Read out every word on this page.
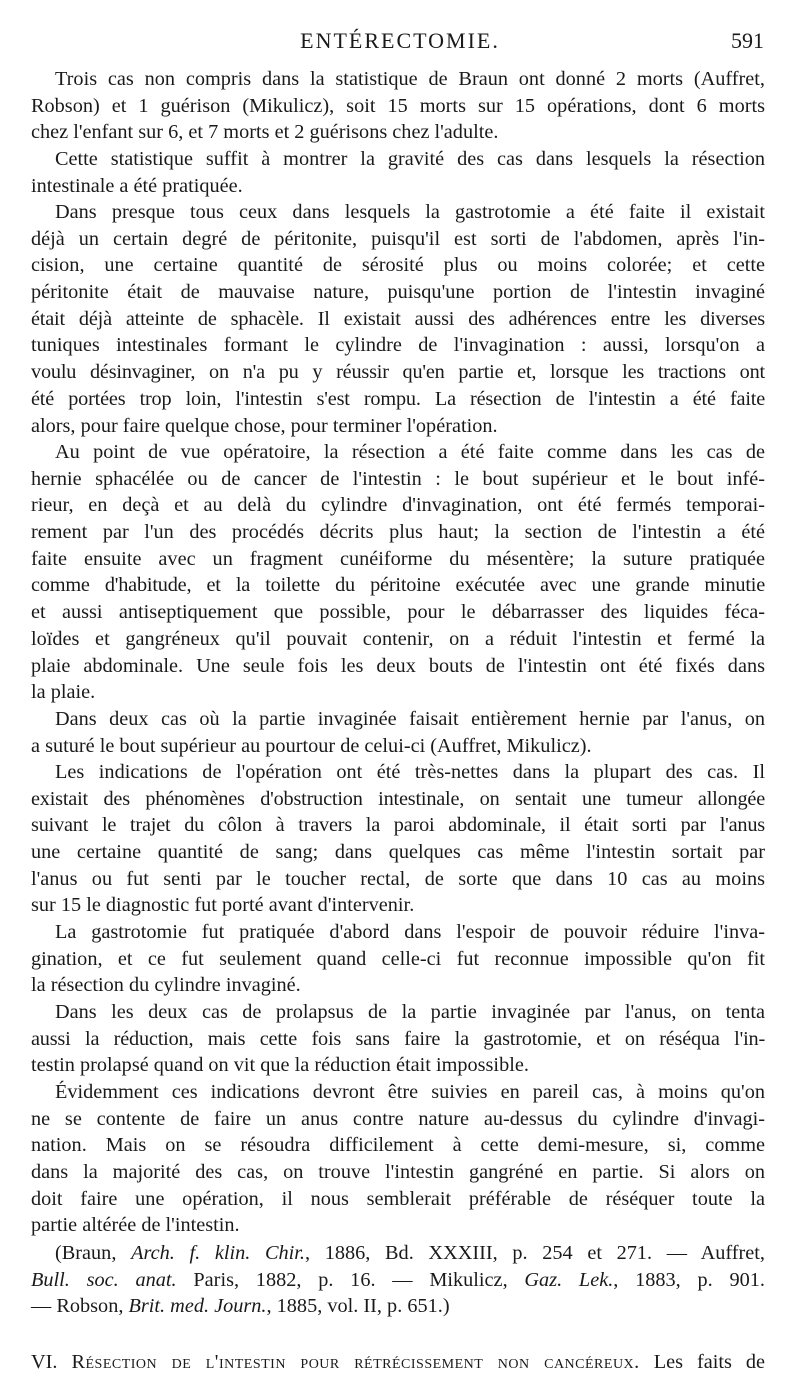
ENTÉRECTOMIE.	591
Trois cas non compris dans la statistique de Braun ont donné 2 morts (Auffret,
Robson) et 1 guérison (Mikulicz), soit 15 morts sur 15 opérations, dont 6 morts
chez l'enfant sur 6, et 7 morts et 2 guérisons chez l'adulte.
Cette statistique suffit à montrer la gravité des cas dans lesquels la résection
intestinale a été pratiquée.
Dans presque tous ceux dans lesquels la gastrotomie a été faite il existait
déjà un certain degré de péritonite, puisqu'il est sorti de l'abdomen, après l'in-
cision, une certaine quantité de sérosité plus ou moins colorée; et cette
péritonite était de mauvaise nature, puisqu'une portion de l'intestin invaginé
était déjà atteinte de sphacèle. Il existait aussi des adhérences entre les diverses
tuniques intestinales formant le cylindre de l'invagination : aussi, lorsqu'on a
voulu désinvaginer, on n'a pu y réussir qu'en partie et, lorsque les tractions ont
été portées trop loin, l'intestin s'est rompu. La résection de l'intestin a été faite
alors, pour faire quelque chose, pour terminer l'opération.
Au point de vue opératoire, la résection a été faite comme dans les cas de
hernie sphacélée ou de cancer de l'intestin : le bout supérieur et le bout infé-
rieur, en deçà et au delà du cylindre d'invagination, ont été fermés temporai-
rement par l'un des procédés décrits plus haut; la section de l'intestin a été
faite ensuite avec un fragment cunéiforme du mésentère; la suture pratiquée
comme d'habitude, et la toilette du péritoine exécutée avec une grande minutie
et aussi antiseptiquement que possible, pour le débarrasser des liquides féca-
loïdes et gangréneux qu'il pouvait contenir, on a réduit l'intestin et fermé la
plaie abdominale. Une seule fois les deux bouts de l'intestin ont été fixés dans
la plaie.
Dans deux cas où la partie invaginée faisait entièrement hernie par l'anus, on
a suturé le bout supérieur au pourtour de celui-ci (Auffret, Mikulicz).
Les indications de l'opération ont été très-nettes dans la plupart des cas. Il
existait des phénomènes d'obstruction intestinale, on sentait une tumeur allongée
suivant le trajet du côlon à travers la paroi abdominale, il était sorti par l'anus
une certaine quantité de sang; dans quelques cas même l'intestin sortait par
l'anus ou fut senti par le toucher rectal, de sorte que dans 10 cas au moins
sur 15 le diagnostic fut porté avant d'intervenir.
La gastrotomie fut pratiquée d'abord dans l'espoir de pouvoir réduire l'inva-
gination, et ce fut seulement quand celle-ci fut reconnue impossible qu'on fit
la résection du cylindre invaginé.
Dans les deux cas de prolapsus de la partie invaginée par l'anus, on tenta
aussi la réduction, mais cette fois sans faire la gastrotomie, et on réséqua l'in-
testin prolapsé quand on vit que la réduction était impossible.
Évidemment ces indications devront être suivies en pareil cas, à moins qu'on
ne se contente de faire un anus contre nature au-dessus du cylindre d'invagi-
nation. Mais on se résoudra difficilement à cette demi-mesure, si, comme
dans la majorité des cas, on trouve l'intestin gangréné en partie. Si alors on
doit faire une opération, il nous semblerait préférable de réséquer toute la
partie altérée de l'intestin.
(Braun, Arch. f. klin. Chir., 1886, Bd. XXXIII, p. 254 et 271. — Auffret,
Bull. soc. anat. Paris, 1882, p. 16. — Mikulicz, Gaz. Lek., 1883, p. 901.
— Robson, Brit. med. Journ., 1885, vol. II, p. 651.)
VI. Résection de l'intestin pour rétrécissement non cancéreux. Les faits de
